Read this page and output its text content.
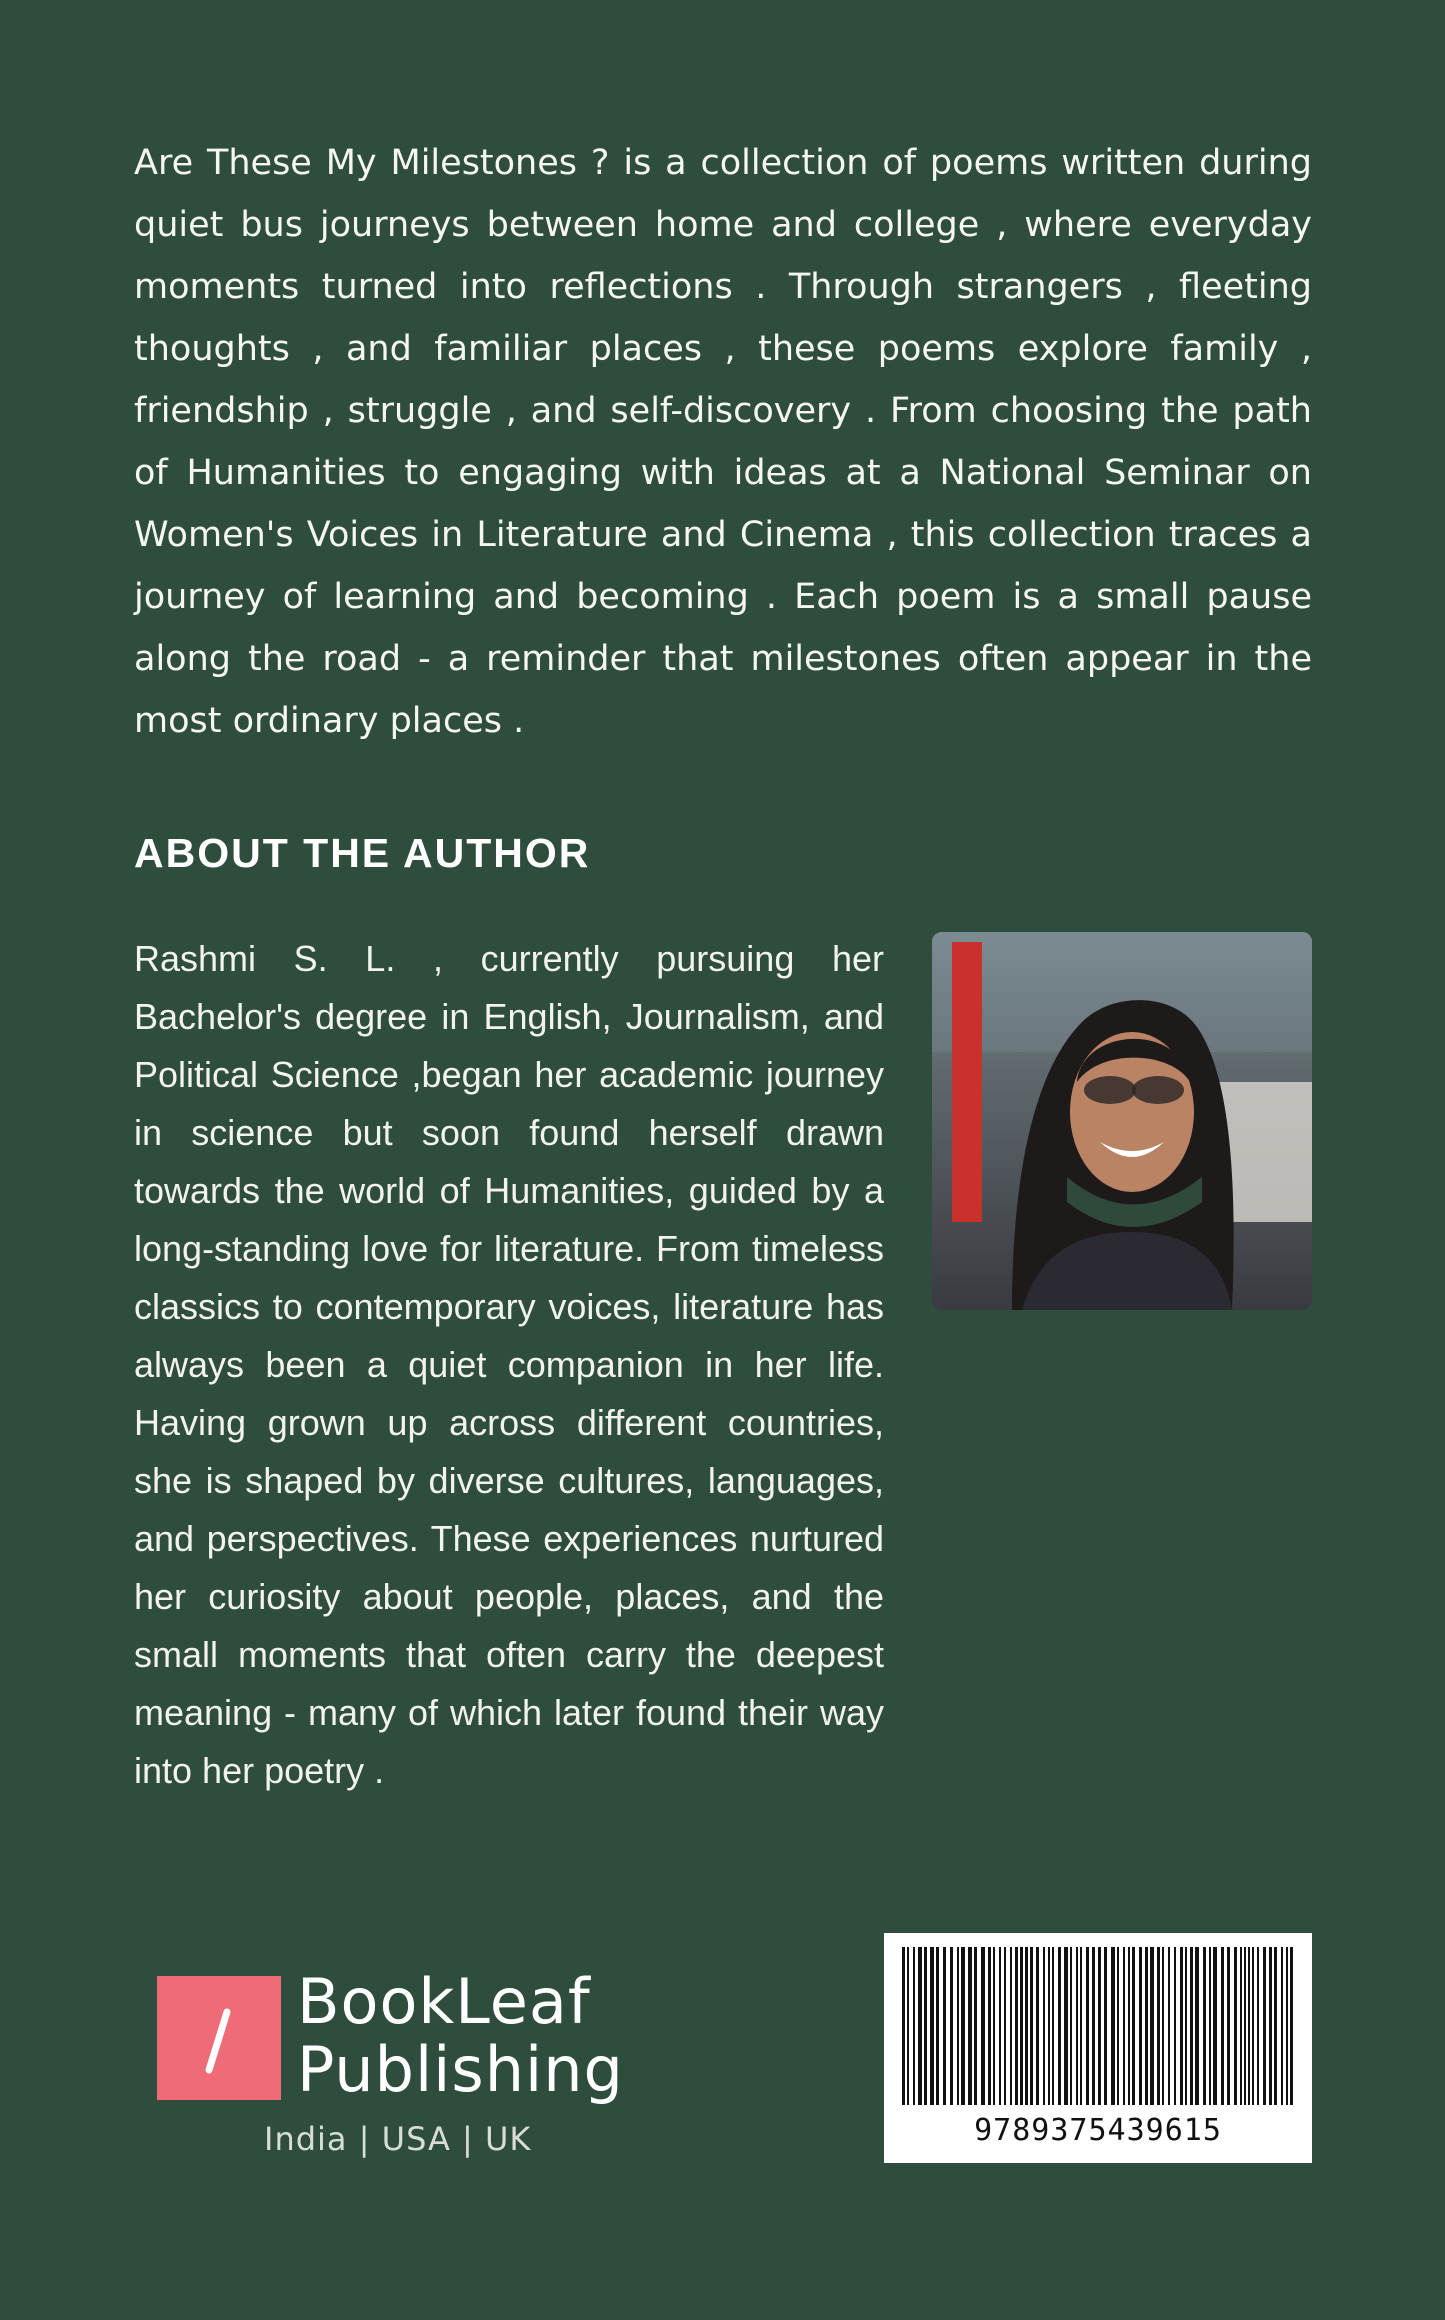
Are These My Milestones ? is a collection of poems written during quiet bus journeys between home and college , where everyday moments turned into reflections . Through strangers , fleeting thoughts , and familiar places , these poems explore family , friendship , struggle , and self-discovery . From choosing the path of Humanities to engaging with ideas at a National Seminar on Women's Voices in Literature and Cinema , this collection traces a journey of learning and becoming . Each poem is a small pause along the road - a reminder that milestones often appear in the most ordinary places .

ABOUT THE AUTHOR

Rashmi S. L. , currently pursuing her Bachelor's degree in English, Journalism, and Political Science ,began her academic journey in science but soon found herself drawn towards the world of Humanities, guided by a long-standing love for literature. From timeless classics to contemporary voices, literature has always been a quiet companion in her life. Having grown up across different countries, she is shaped by diverse cultures, languages, and perspectives. These experiences nurtured her curiosity about people, places, and the small moments that often carry the deepest meaning - many of which later found their way into her poetry .

BookLeaf
Publishing
India | USA | UK	9789375439615
